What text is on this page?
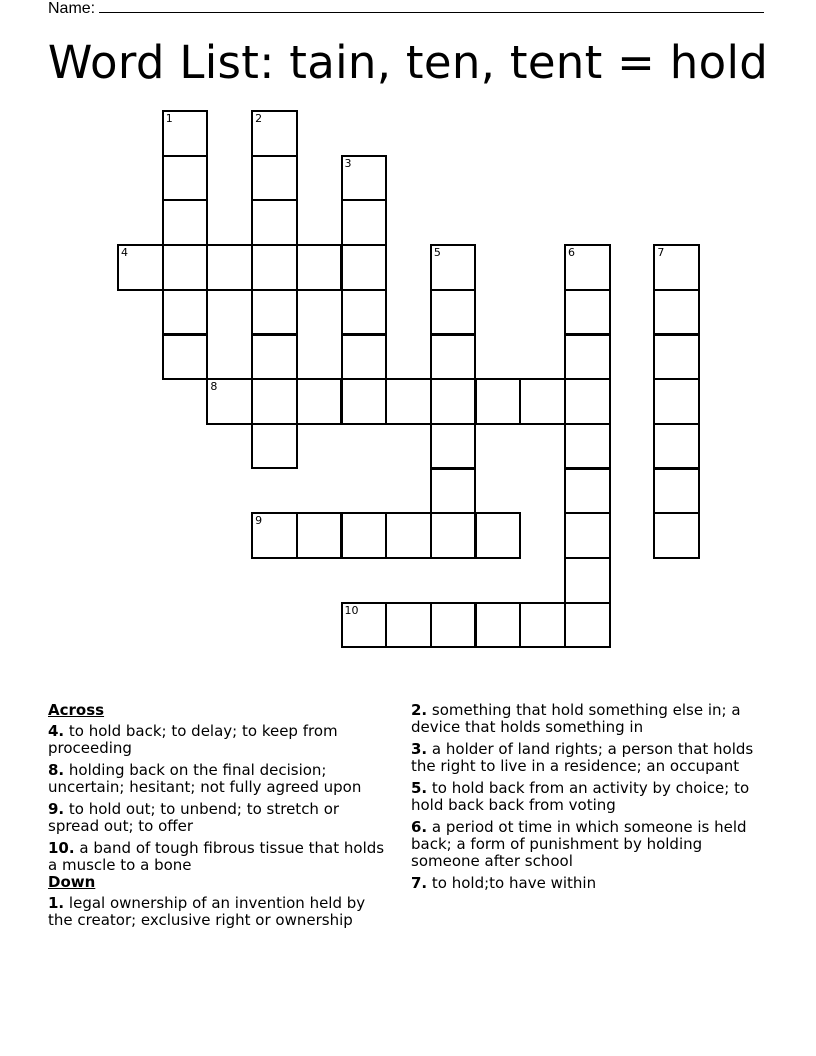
Name:
Word List: tain, ten, tent = hold
1	2
3
4	5	6	7
8
9
10
Across
4. to hold back; to delay; to keep from proceeding
8. holding back on the final decision; uncertain; hesitant; not fully agreed upon
9. to hold out; to unbend; to stretch or spread out; to offer
10. a band of tough fibrous tissue that holds a muscle to a bone
Down
1. legal ownership of an invention held by the creator; exclusive right or ownership
2. something that hold something else in; a device that holds something in
3. a holder of land rights; a person that holds the right to live in a residence; an occupant
5. to hold back from an activity by choice; to hold back back from voting
6. a period ot time in which someone is held back; a form of punishment by holding someone after school
7. to hold;to have within
